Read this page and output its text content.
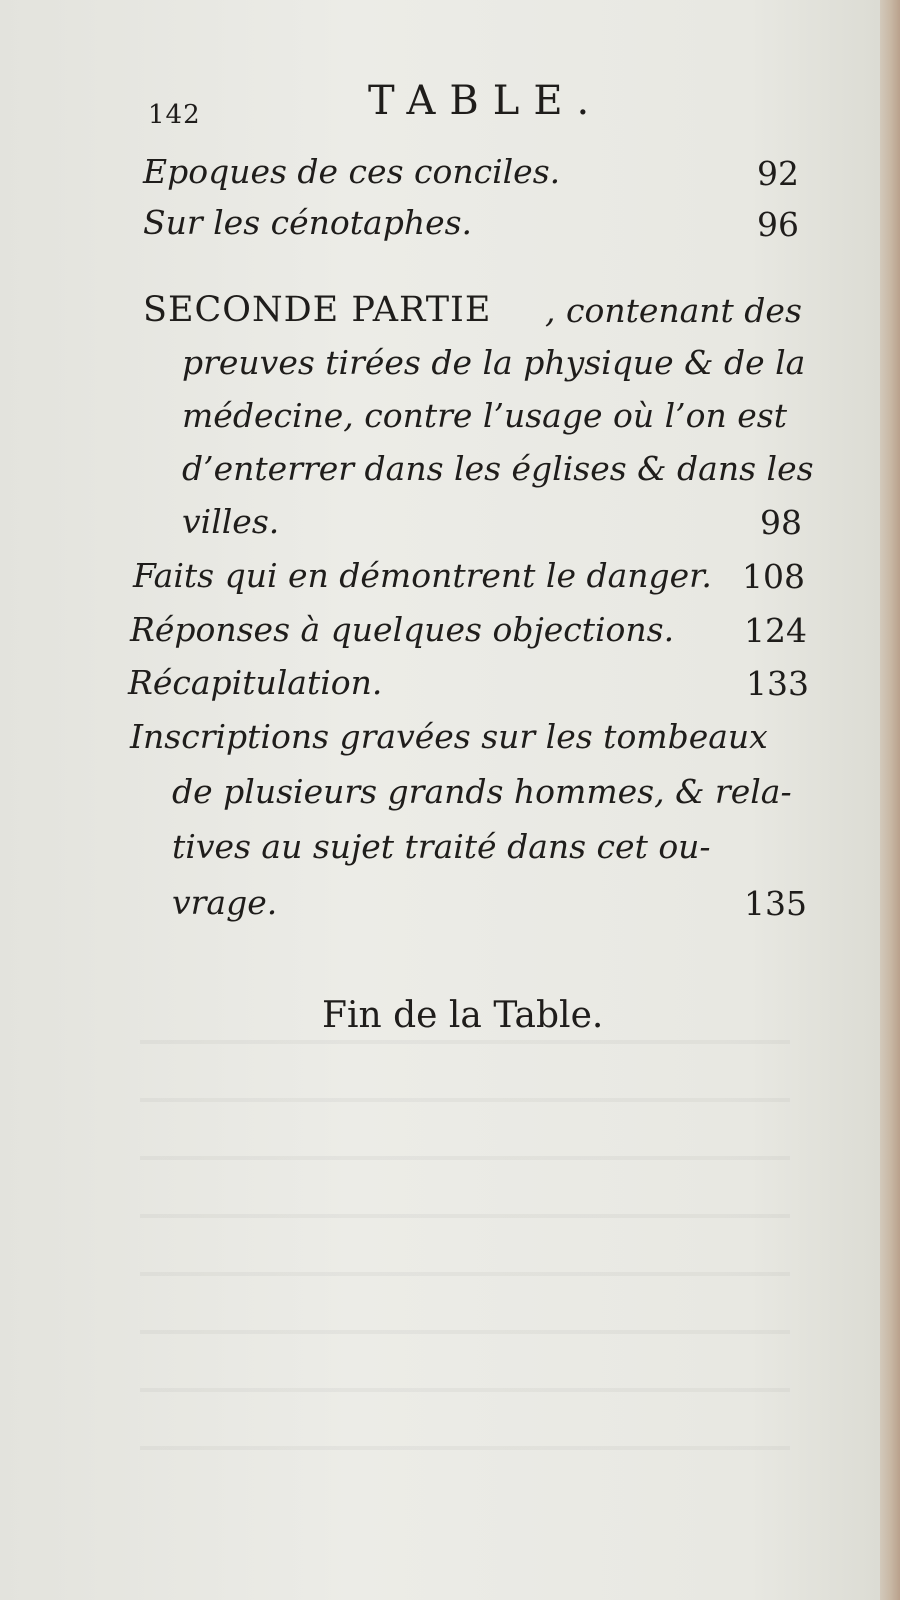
142	TABLE.
Epoques de ces conciles.	92
Sur les cénotaphes.	96
SECONDE PARTIE , contenant des
preuves tirées de la physique & de la
médecine, contre l’usage où l’on est
d’enterrer dans les églises & dans les
villes.	98
Faits qui en démontrent le danger. 108
Réponses à quelques objections. 124
Récapitulation.	133
Inscriptions gravées sur les tombeaux
de plusieurs grands hommes, & rela-
tives au sujet traité dans cet ou-
vrage.	135
Fin de la Table.
